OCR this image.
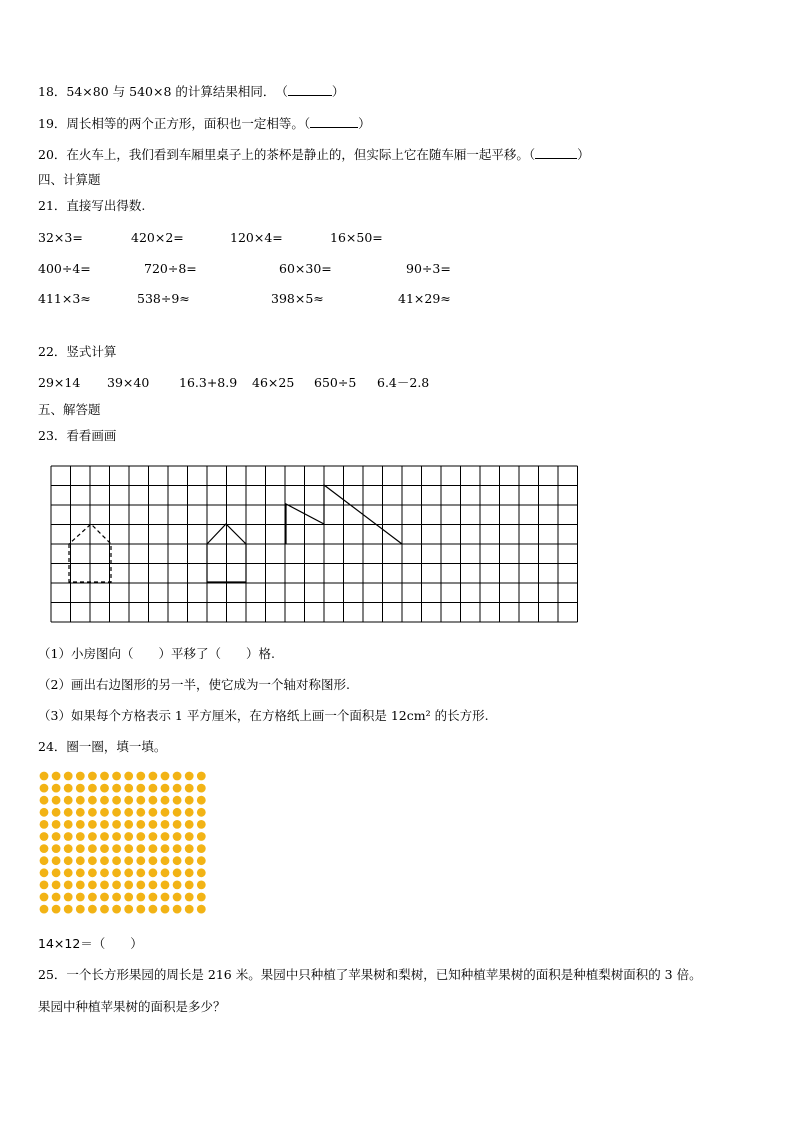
18．54×80 与 540×8 的计算结果相同．　（	）
19．周长相等的两个正方形，面积也一定相等。（	）
20．在火车上，我们看到车厢里桌子上的茶杯是静止的，但实际上它在随车厢一起平移。（	）
四、计算题
21．直接写出得数.
32×3=	420×2=	120×4=	16×50=
400÷4=	720÷8=	60×30=	90÷3=
411×3≈	538÷9≈	398×5≈	41×29≈
22．竖式计算
29×14 39×40 16.3+8.9 46×25 650÷5 6.4－2.8
五、解答题
23．看看画画
（1）小房图向（　　）平移了（　　）格.
（2）画出右边图形的另一半，使它成为一个轴对称图形.
（3）如果每个方格表示 1 平方厘米，在方格纸上画一个面积是 12cm² 的长方形.
24．圈一圈，填一填。
14×12＝（　　）
25．一个长方形果园的周长是 216 米。果园中只种植了苹果树和梨树，已知种植苹果树的面积是种植梨树面积的 3 倍。
果园中种植苹果树的面积是多少？
